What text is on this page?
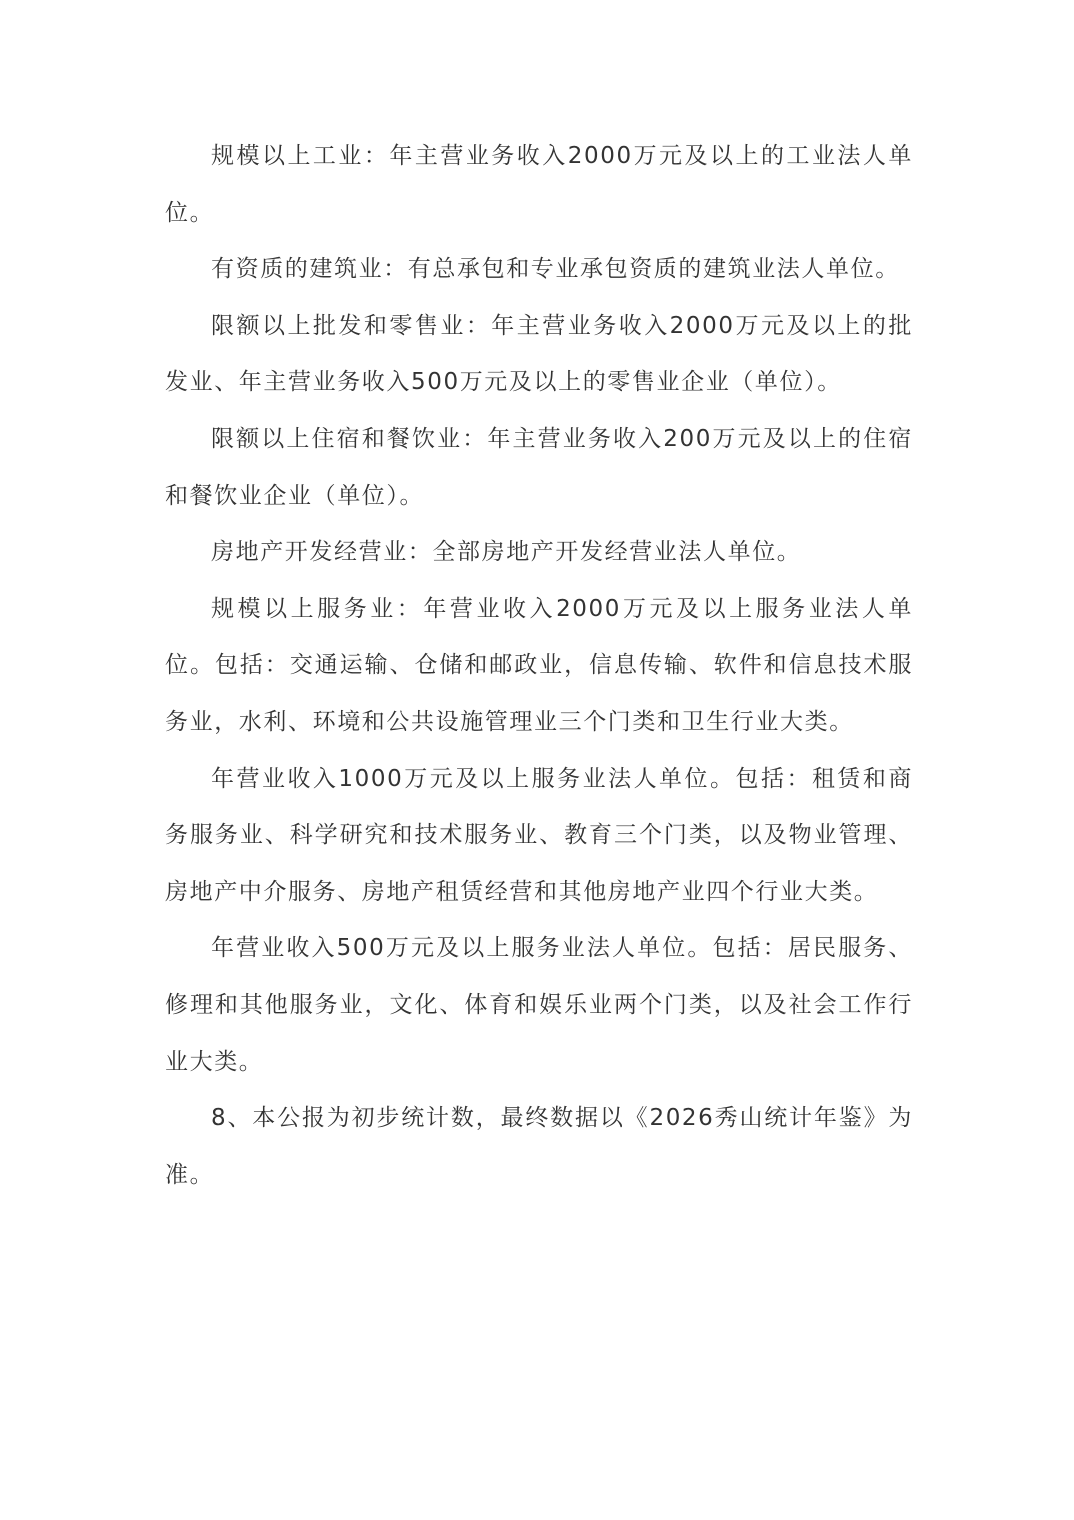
规模以上工业：年主营业务收入2000万元及以上的工业法人单位。

有资质的建筑业：有总承包和专业承包资质的建筑业法人单位。

限额以上批发和零售业：年主营业务收入2000万元及以上的批发业、年主营业务收入500万元及以上的零售业企业（单位）。

限额以上住宿和餐饮业：年主营业务收入200万元及以上的住宿和餐饮业企业（单位）。

房地产开发经营业：全部房地产开发经营业法人单位。

规模以上服务业：年营业收入2000万元及以上服务业法人单位。包括：交通运输、仓储和邮政业，信息传输、软件和信息技术服务业，水利、环境和公共设施管理业三个门类和卫生行业大类。

年营业收入1000万元及以上服务业法人单位。包括：租赁和商务服务业、科学研究和技术服务业、教育三个门类，以及物业管理、房地产中介服务、房地产租赁经营和其他房地产业四个行业大类。

年营业收入500万元及以上服务业法人单位。包括：居民服务、修理和其他服务业，文化、体育和娱乐业两个门类，以及社会工作行业大类。

8、本公报为初步统计数，最终数据以《2026秀山统计年鉴》为准。
